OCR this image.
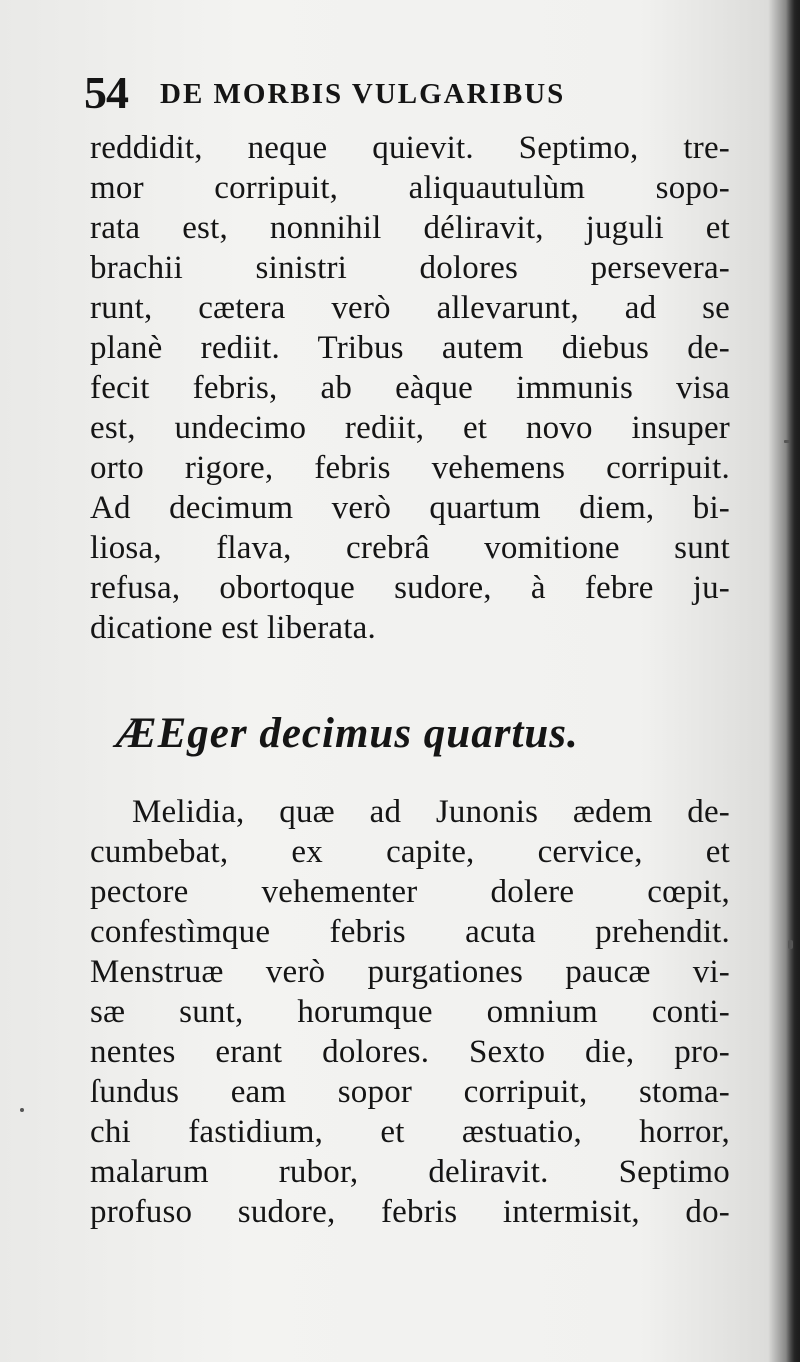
54 DE MORBIS VULGARIBUS
reddidit, neque quievit. Septimo, tre-
mor corripuit, aliquautulùm sopo-
rata est, nonnihil déliravit, juguli et
brachii sinistri dolores persevera-
runt, cætera verò allevarunt, ad se
planè rediit. Tribus autem diebus de-
fecit febris, ab eàque immunis visa
est, undecimo rediit, et novo insuper
orto rigore, febris vehemens corripuit.
Ad decimum verò quartum diem, bi-
liosa, flava, crebrâ vomitione sunt
refusa, obortoque sudore, à febre ju-
dicatione est liberata.
ÆEger decimus quartus.
Melidia, quæ ad Junonis ædem de-
cumbebat, ex capite, cervice, et
pectore vehementer dolere cœpit,
confestìmque febris acuta prehendit.
Menstruæ verò purgationes paucæ vi-
sæ sunt, horumque omnium conti-
nentes erant dolores. Sexto die, pro-
ſundus eam sopor corripuit, stoma-
chi fastidium, et æstuatio, horror,
malarum rubor, deliravit. Septimo
profuso sudore, febris intermisit, do-
